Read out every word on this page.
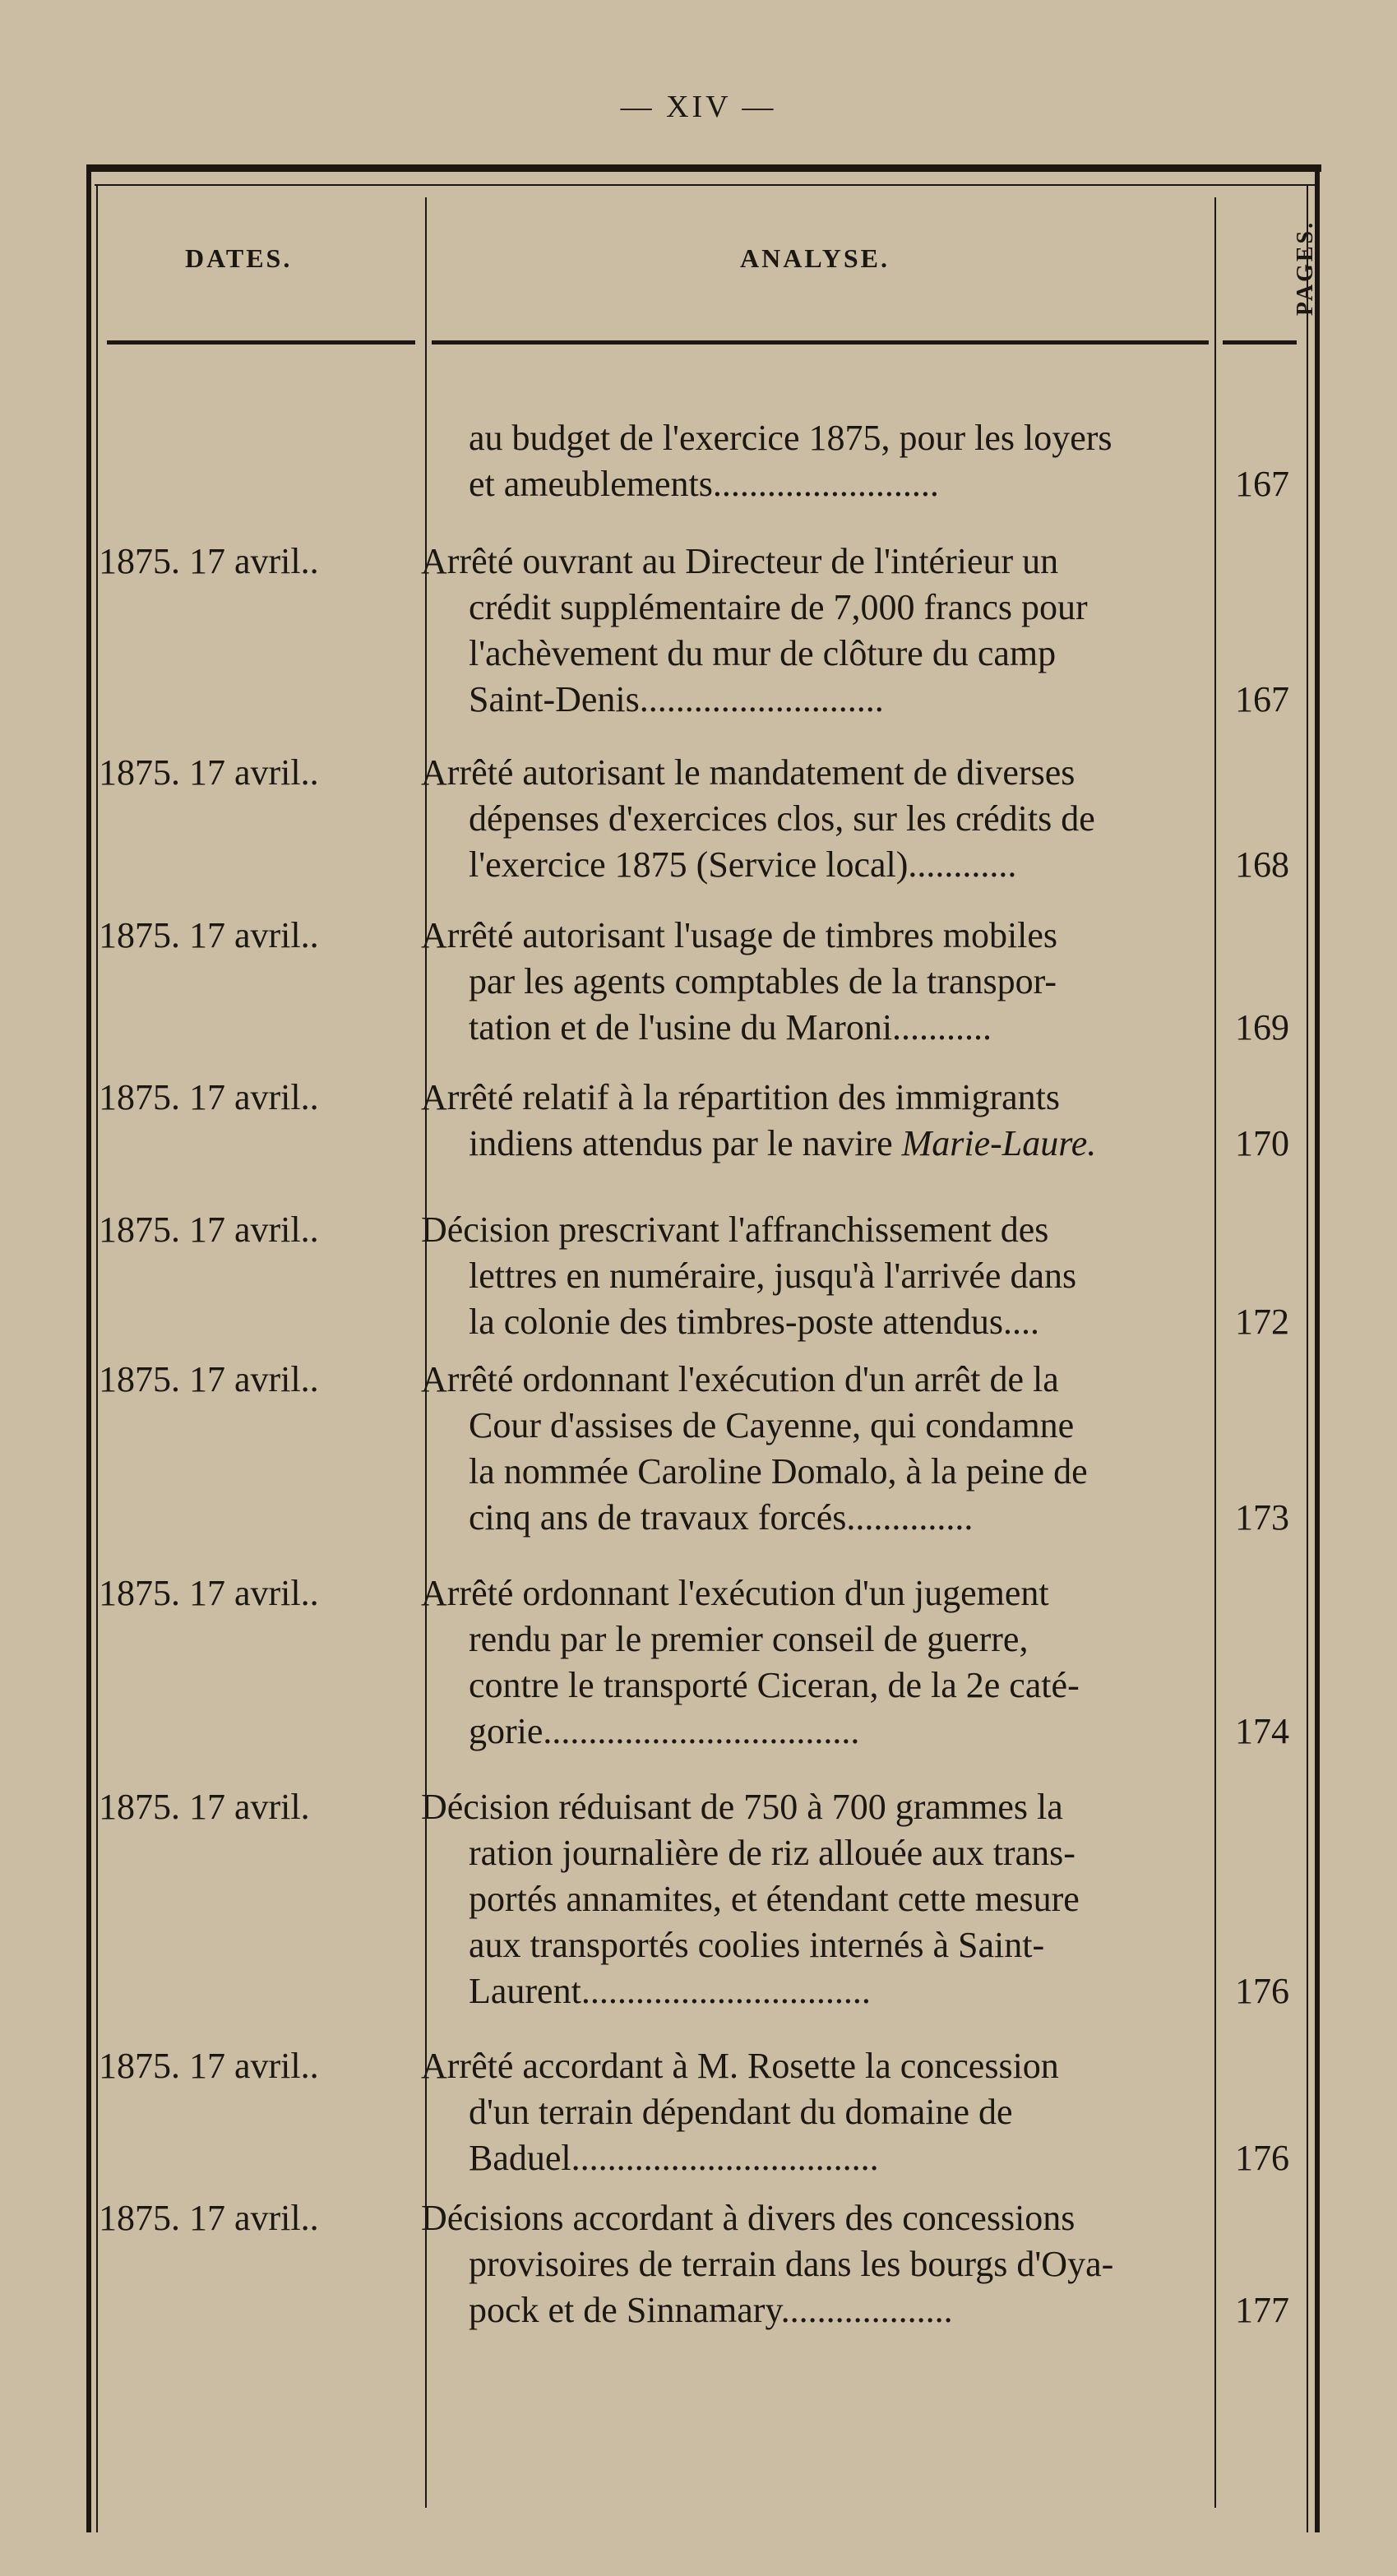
— XIV —
DATES.	ANALYSE.	PAGES.
au budget de l'exercice 1875, pour les loyers
et ameublements.........................	167
1875. 17 avril..	Arrêté ouvrant au Directeur de l'intérieur un
crédit supplémentaire de 7,000 francs pour
l'achèvement du mur de clôture du camp
Saint-Denis...........................	167
1875. 17 avril..	Arrêté autorisant le mandatement de diverses
dépenses d'exercices clos, sur les crédits de
l'exercice 1875 (Service local)............	168
1875. 17 avril..	Arrêté autorisant l'usage de timbres mobiles
par les agents comptables de la transpor-
tation et de l'usine du Maroni...........	169
1875. 17 avril..	Arrêté relatif à la répartition des immigrants
indiens attendus par le navire Marie-Laure.	170
1875. 17 avril..	Décision prescrivant l'affranchissement des
lettres en numéraire, jusqu'à l'arrivée dans
la colonie des timbres-poste attendus....	172
1875. 17 avril..	Arrêté ordonnant l'exécution d'un arrêt de la
Cour d'assises de Cayenne, qui condamne
la nommée Caroline Domalo, à la peine de
cinq ans de travaux forcés..............	173
1875. 17 avril..	Arrêté ordonnant l'exécution d'un jugement
rendu par le premier conseil de guerre,
contre le transporté Ciceran, de la 2e caté-
gorie...................................	174
1875. 17 avril.	Décision réduisant de 750 à 700 grammes la
ration journalière de riz allouée aux trans-
portés annamites, et étendant cette mesure
aux transportés coolies internés à Saint-
Laurent................................	176
1875. 17 avril..	Arrêté accordant à M. Rosette la concession
d'un terrain dépendant du domaine de
Baduel..................................	176
1875. 17 avril..	Décisions accordant à divers des concessions
provisoires de terrain dans les bourgs d'Oya-
pock et de Sinnamary...................	177
